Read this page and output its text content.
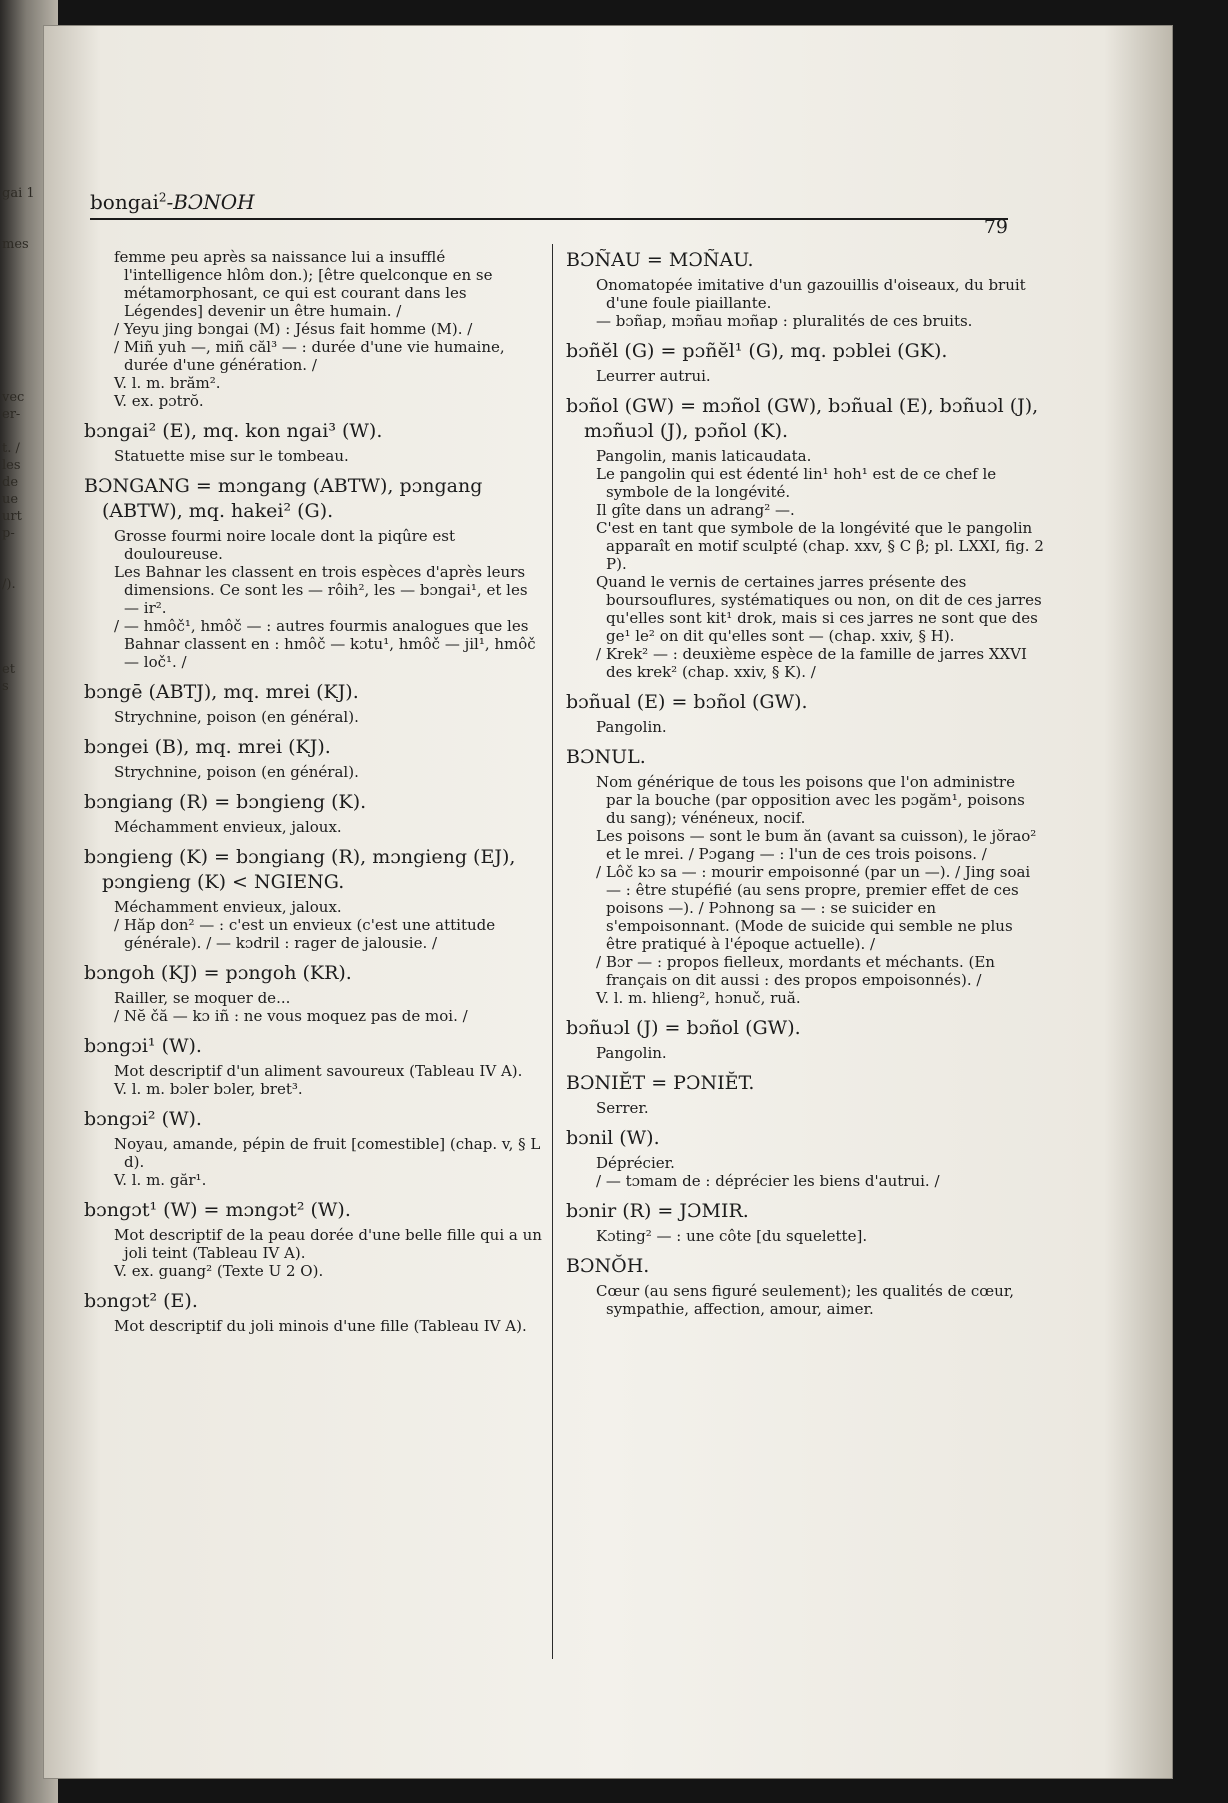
gai 1
mes
vec
er-
t. /
les
de
ue
urt
p-
/).
et
s
bongai$^2$-BƆNOH
79
femme peu après sa naissance lui a insufflé l'intelligence hlôm don.); [être quelconque en se métamorphosant, ce qui est courant dans les Légendes] devenir un être humain. /
/ Yeyu jing bɔngai (M) : Jésus fait homme (M). /
/ Miñ yuh —, miñ căl³ — : durée d'une vie humaine, durée d'une génération. /
V. l. m. brăm².
V. ex. pɔtrŏ.

bɔngai² (E), mq. kon ngai³ (W).

Statuette mise sur le tombeau.

BƆNGANG = mɔngang (ABTW), pɔngang (ABTW), mq. hakei² (G).

Grosse fourmi noire locale dont la piqûre est douloureuse.
Les Bahnar les classent en trois espèces d'après leurs dimensions. Ce sont les — rôih², les — bɔngai¹, et les — ir².
/ — hmôč¹, hmôč — : autres fourmis analogues que les Bahnar classent en : hmôč — kɔtu¹, hmôč — jil¹, hmôč — loč¹. /

bɔngē (ABTJ), mq. mrei (KJ).

Strychnine, poison (en général).

bɔngei (B), mq. mrei (KJ).

Strychnine, poison (en général).

bɔngiang (R) = bɔngieng (K).

Méchamment envieux, jaloux.

bɔngieng (K) = bɔngiang (R), mɔngieng (EJ), pɔngieng (K) < NGIENG.

Méchamment envieux, jaloux.
/ Hăp don² — : c'est un envieux (c'est une attitude générale). / — kɔdril : rager de jalousie. /

bɔngoh (KJ) = pɔngoh (KR).

Railler, se moquer de...
/ Nĕ čă — kɔ iñ : ne vous moquez pas de moi. /

bɔngɔi¹ (W).

Mot descriptif d'un aliment savoureux (Tableau IV A).
V. l. m. bɔler bɔler, bret³.

bɔngɔi² (W).

Noyau, amande, pépin de fruit [comestible] (chap. v, § L d).
V. l. m. găr¹.

bɔngɔt¹ (W) = mɔngɔt² (W).

Mot descriptif de la peau dorée d'une belle fille qui a un joli teint (Tableau IV A).
V. ex. guang² (Texte U 2 O).

bɔngɔt² (E).

Mot descriptif du joli minois d'une fille (Tableau IV A).

BƆÑAU = MƆÑAU.

Onomatopée imitative d'un gazouillis d'oiseaux, du bruit d'une foule piaillante.
— bɔñap, mɔñau mɔñap : pluralités de ces bruits.

bɔñĕl (G) = pɔñĕl¹ (G), mq. pɔblei (GK).

Leurrer autrui.

bɔñol (GW) = mɔñol (GW), bɔñual (E), bɔñuɔl (J), mɔñuɔl (J), pɔñol (K).

Pangolin, manis laticaudata.
Le pangolin qui est édenté lin¹ hoh¹ est de ce chef le symbole de la longévité.
Il gîte dans un adrang² —.
C'est en tant que symbole de la longévité que le pangolin apparaît en motif sculpté (chap. xxv, § C β; pl. LXXI, fig. 2 P).
Quand le vernis de certaines jarres présente des boursouflures, systématiques ou non, on dit de ces jarres qu'elles sont kit¹ drok, mais si ces jarres ne sont que des ge¹ le² on dit qu'elles sont — (chap. xxiv, § H).
/ Krek² — : deuxième espèce de la famille de jarres XXVI des krek² (chap. xxiv, § K). /

bɔñual (E) = bɔñol (GW).

Pangolin.

BƆNUL.

Nom générique de tous les poisons que l'on administre par la bouche (par opposition avec les pɔgăm¹, poisons du sang); vénéneux, nocif.
Les poisons — sont le bum ăn (avant sa cuisson), le jŏrao² et le mrei. / Pɔgang — : l'un de ces trois poisons. /
/ Lôč kɔ sa — : mourir empoisonné (par un —). / Jing soai — : être stupéfié (au sens propre, premier effet de ces poisons —). / Pɔhnong sa — : se suicider en s'empoisonnant. (Mode de suicide qui semble ne plus être pratiqué à l'époque actuelle). /
/ Bɔr — : propos fielleux, mordants et méchants. (En français on dit aussi : des propos empoisonnés). /
V. l. m. hlieng², hɔnuč, ruă.

bɔñuɔl (J) = bɔñol (GW).

Pangolin.

BƆNIĔT = PƆNIĔT.

Serrer.

bɔnil (W).

Déprécier.
/ — tɔmam de : déprécier les biens d'autrui. /

bɔnir (R) = JƆMIR.

Kɔting² — : une côte [du squelette].

BƆNŎH.

Cœur (au sens figuré seulement); les qualités de cœur, sympathie, affection, amour, aimer.
